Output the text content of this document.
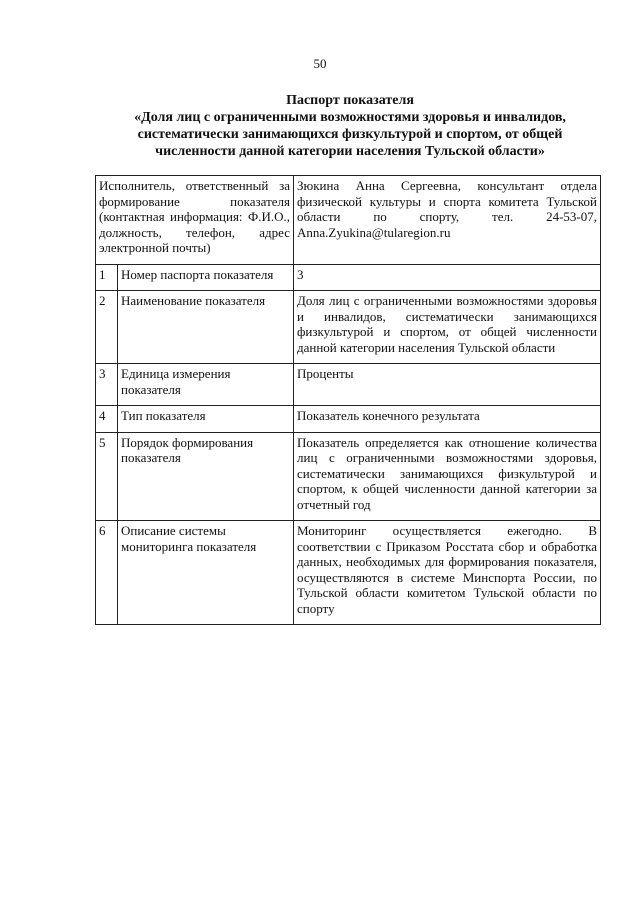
50
Паспорт показателя
«Доля лиц с ограниченными возможностями здоровья и инвалидов,
систематически занимающихся физкультурой и спортом, от общей
численности данной категории населения Тульской области»
Исполнитель, ответственный за формирование показателя (контактная информация: Ф.И.О., должность, телефон, адрес электронной почты)		Зюкина Анна Сергеевна, консультант отдела физической культуры и спорта комитета Тульской области по спорту, тел. 24-53-07, Anna.Zyukina@tularegion.ru
1	Номер паспорта показателя	3
2	Наименование показателя	Доля лиц с ограниченными возможностями здоровья и инвалидов, систематически занимающихся физкультурой и спортом, от общей численности данной категории населения Тульской области
3	Единица измерения показателя	Проценты
4	Тип показателя	Показатель конечного результата
5	Порядок формирования показателя	Показатель определяется как отношение количества лиц с ограниченными возможностями здоровья, систематически занимающихся физкультурой и спортом, к общей численности данной категории за отчетный год
6	Описание системы мониторинга показателя	Мониторинг осуществляется ежегодно. В соответствии с Приказом Росстата сбор и обработка данных, необходимых для формирования показателя, осуществляются в системе Минспорта России, по Тульской области комитетом Тульской области по спорту
